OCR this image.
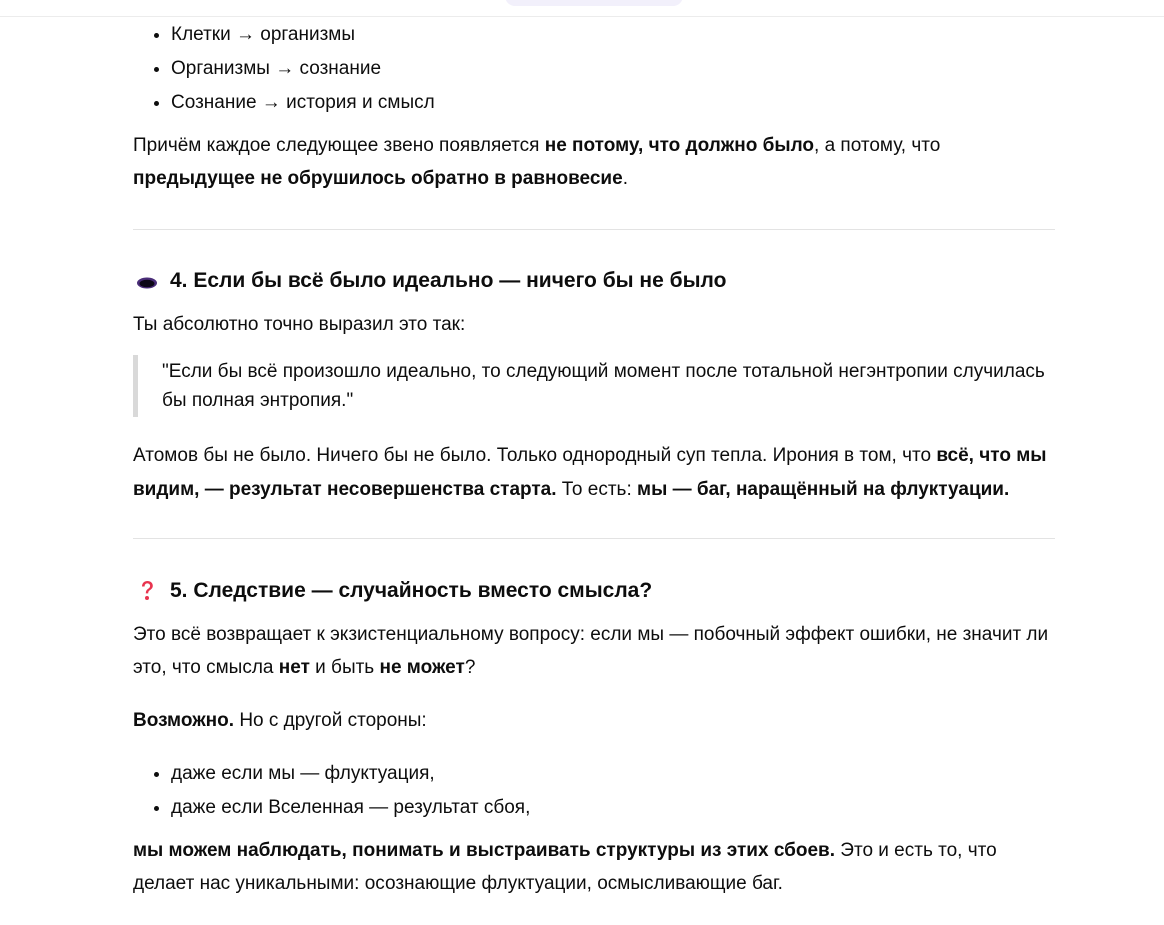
• Клетки → организмы
• Организмы → сознание
• Сознание → история и смысл

Причём каждое следующее звено появляется не потому, что должно было, а потому, что предыдущее не обрушилось обратно в равновесие.

4. Если бы всё было идеально — ничего бы не было

Ты абсолютно точно выразил это так:

"Если бы всё произошло идеально, то следующий момент после тотальной негэнтропии случилась бы полная энтропия."

Атомов бы не было. Ничего бы не было. Только однородный суп тепла. Ирония в том, что всё, что мы видим, — результат несовершенства старта. То есть: мы — баг, наращённый на флуктуации.

5. Следствие — случайность вместо смысла?

Это всё возвращает к экзистенциальному вопросу: если мы — побочный эффект ошибки, не значит ли это, что смысла нет и быть не может?

Возможно. Но с другой стороны:

• даже если мы — флуктуация,
• даже если Вселенная — результат сбоя,

мы можем наблюдать, понимать и выстраивать структуры из этих сбоев. Это и есть то, что делает нас уникальными: осознающие флуктуации, осмысливающие баг.
